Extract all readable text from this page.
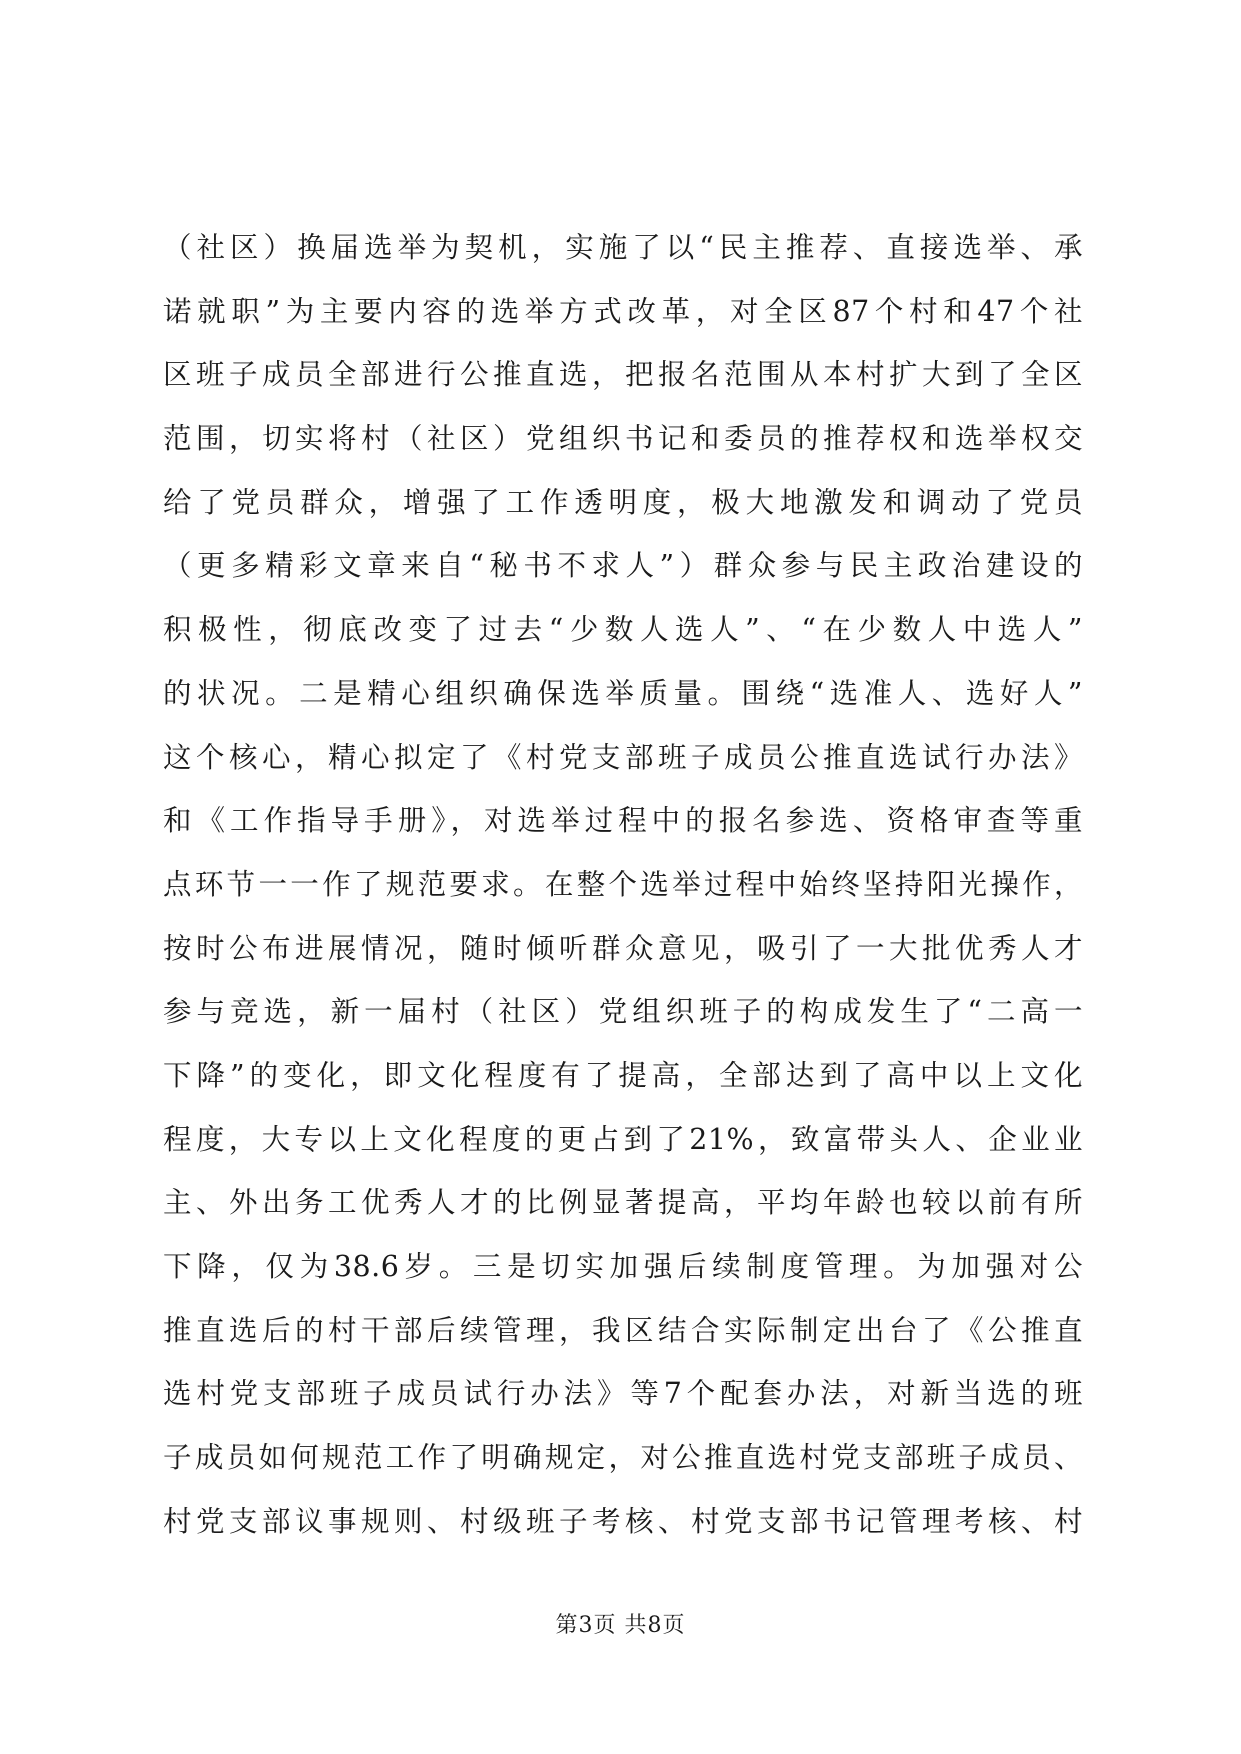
（社区）换届选举为契机，实施了以“民主推荐、直接选举、承
诺就职”为主要内容的选举方式改革，对全区87个村和47个社
区班子成员全部进行公推直选，把报名范围从本村扩大到了全区
范围，切实将村（社区）党组织书记和委员的推荐权和选举权交
给了党员群众，增强了工作透明度，极大地激发和调动了党员
（更多精彩文章来自“秘书不求人”）群众参与民主政治建设的
积极性，彻底改变了过去“少数人选人”、“在少数人中选人”
的状况。二是精心组织确保选举质量。围绕“选准人、选好人”
这个核心，精心拟定了《村党支部班子成员公推直选试行办法》
和《工作指导手册》，对选举过程中的报名参选、资格审查等重
点环节一一作了规范要求。在整个选举过程中始终坚持阳光操作，
按时公布进展情况，随时倾听群众意见，吸引了一大批优秀人才
参与竞选，新一届村（社区）党组织班子的构成发生了“二高一
下降”的变化，即文化程度有了提高，全部达到了高中以上文化
程度，大专以上文化程度的更占到了21%，致富带头人、企业业
主、外出务工优秀人才的比例显著提高，平均年龄也较以前有所
下降，仅为38.6岁。三是切实加强后续制度管理。为加强对公
推直选后的村干部后续管理，我区结合实际制定出台了《公推直
选村党支部班子成员试行办法》等7个配套办法，对新当选的班
子成员如何规范工作了明确规定，对公推直选村党支部班子成员、
村党支部议事规则、村级班子考核、村党支部书记管理考核、村
第3页 共8页
